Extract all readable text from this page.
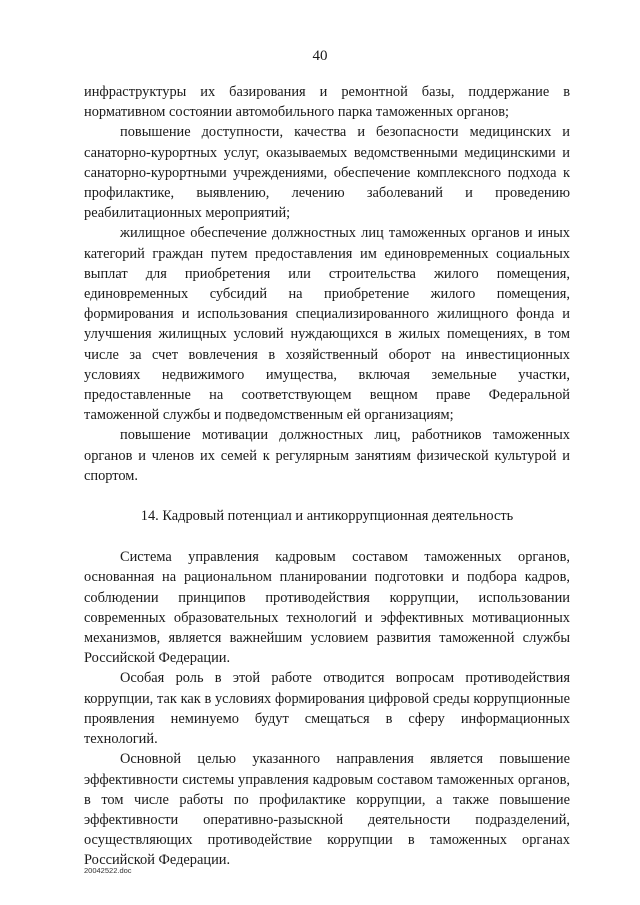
40

инфраструктуры их базирования и ремонтной базы, поддержание в нормативном состоянии автомобильного парка таможенных органов;

повышение доступности, качества и безопасности медицинских и санаторно-курортных услуг, оказываемых ведомственными медицинскими и санаторно-курортными учреждениями, обеспечение комплексного подхода к профилактике, выявлению, лечению заболеваний и проведению реабилитационных мероприятий;

жилищное обеспечение должностных лиц таможенных органов и иных категорий граждан путем предоставления им единовременных социальных выплат для приобретения или строительства жилого помещения, единовременных субсидий на приобретение жилого помещения, формирования и использования специализированного жилищного фонда и улучшения жилищных условий нуждающихся в жилых помещениях, в том числе за счет вовлечения в хозяйственный оборот на инвестиционных условиях недвижимого имущества, включая земельные участки, предоставленные на соответствующем вещном праве Федеральной таможенной службы и подведомственным ей организациям;

повышение мотивации должностных лиц, работников таможенных органов и членов их семей к регулярным занятиям физической культурой и спортом.

14. Кадровый потенциал и антикоррупционная деятельность

Система управления кадровым составом таможенных органов, основанная на рациональном планировании подготовки и подбора кадров, соблюдении принципов противодействия коррупции, использовании современных образовательных технологий и эффективных мотивационных механизмов, является важнейшим условием развития таможенной службы Российской Федерации.

Особая роль в этой работе отводится вопросам противодействия коррупции, так как в условиях формирования цифровой среды коррупционные проявления неминуемо будут смещаться в сферу информационных технологий.

Основной целью указанного направления является повышение эффективности системы управления кадровым составом таможенных органов, в том числе работы по профилактике коррупции, а также повышение эффективности оперативно-разыскной деятельности подразделений, осуществляющих противодействие коррупции в таможенных органах Российской Федерации.

20042522.doc
